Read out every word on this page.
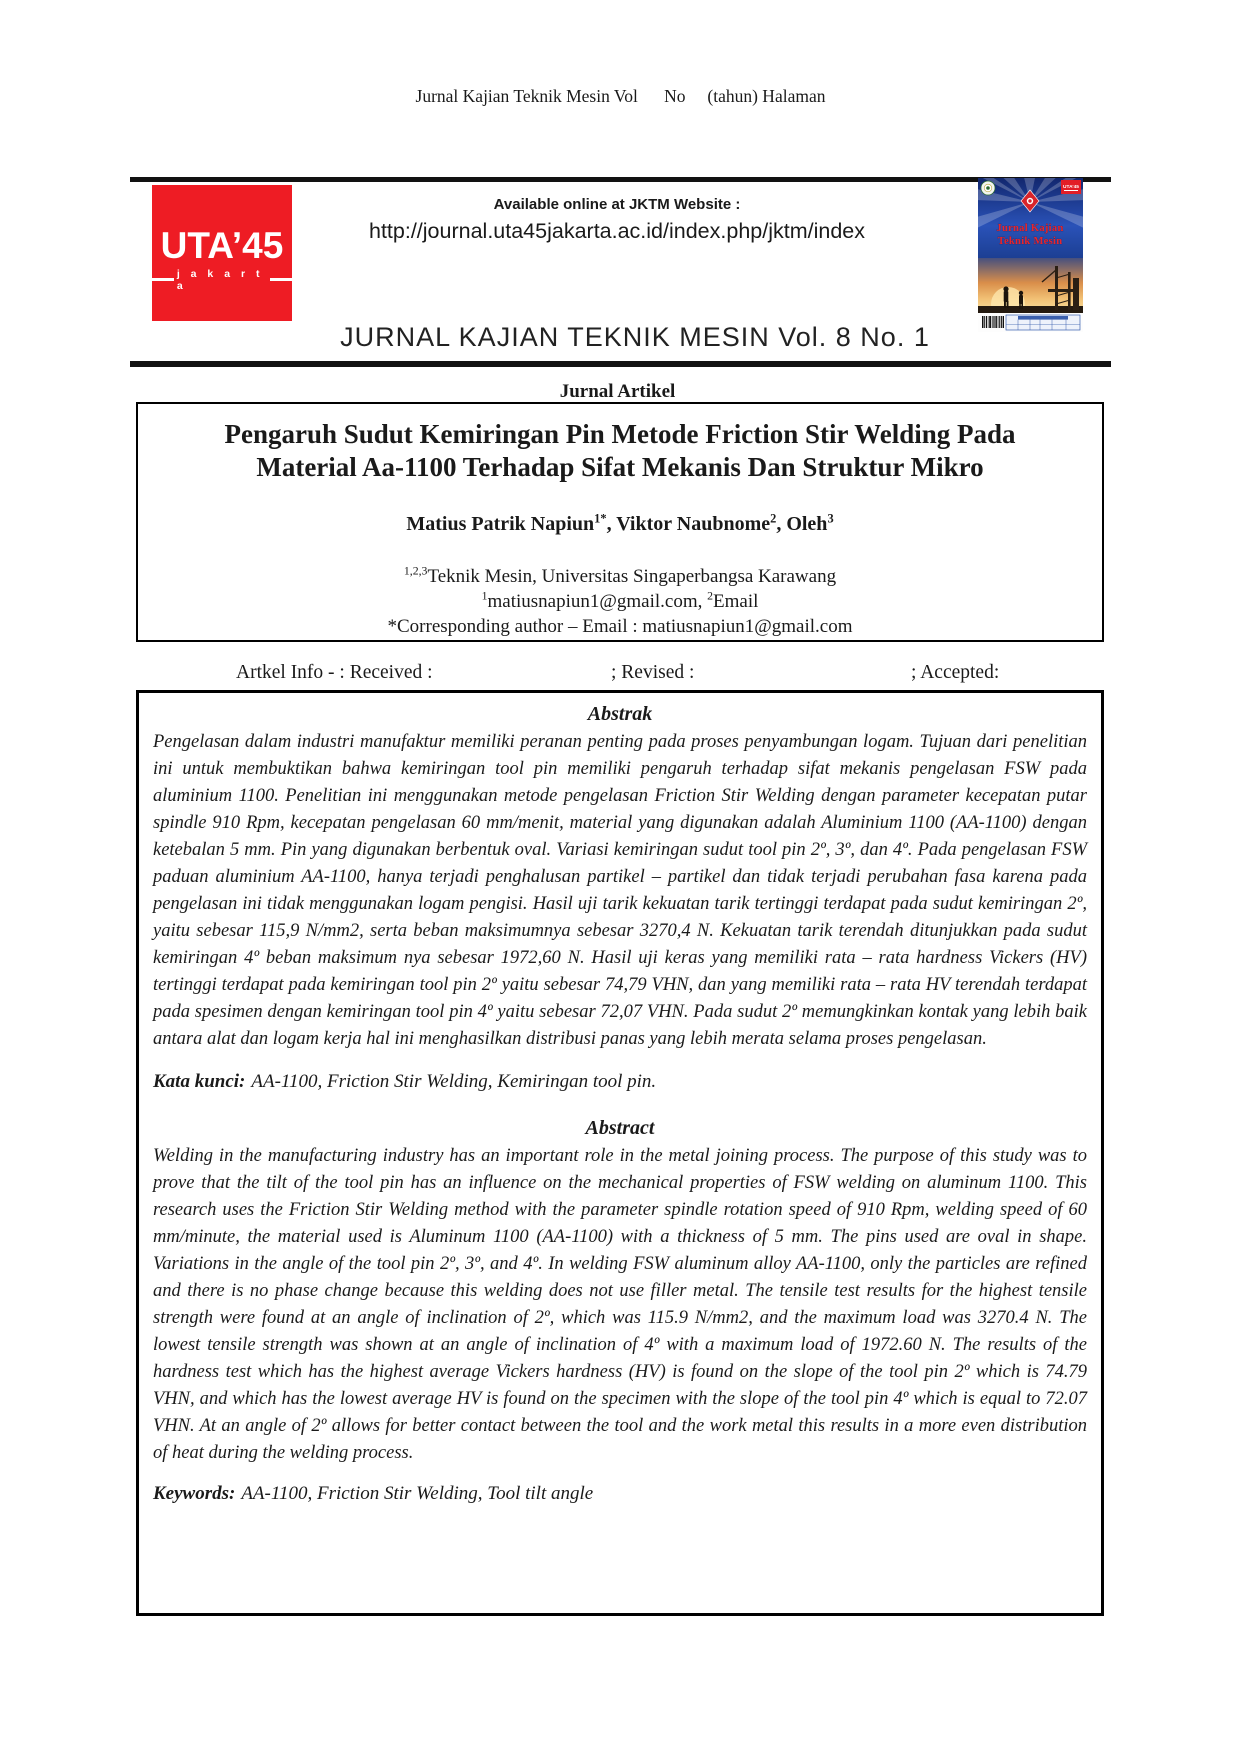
Jurnal Kajian Teknik Mesin Vol      No     (tahun) Halaman
UTA’45
j a k a r t a
Available online at JKTM Website :
http://journal.uta45jakarta.ac.id/index.php/jktm/index
UTA’45
Jurnal Kajian
Teknik Mesin
JURNAL KAJIAN TEKNIK MESIN Vol. 8 No. 1
Jurnal Artikel
Pengaruh Sudut Kemiringan Pin Metode Friction Stir Welding Pada
Material Aa-1100 Terhadap Sifat Mekanis Dan Struktur Mikro
Matius Patrik Napiun$^{1*}$, Viktor Naubnome$^2$, Oleh$^3$
$^{1,2,3}$Teknik Mesin, Universitas Singaperbangsa Karawang
$^1$matiusnapiun1@gmail.com, $^2$Email
*Corresponding author – Email : matiusnapiun1@gmail.com
Artkel Info - : Received :	; Revised :	; Accepted:
Abstrak

Pengelasan dalam industri manufaktur memiliki peranan penting pada proses penyambungan logam. Tujuan dari penelitian ini untuk membuktikan bahwa kemiringan tool pin memiliki pengaruh terhadap sifat mekanis pengelasan FSW pada aluminium 1100. Penelitian ini menggunakan metode pengelasan Friction Stir Welding dengan parameter kecepatan putar spindle 910 Rpm, kecepatan pengelasan 60 mm/menit, material yang digunakan adalah Aluminium 1100 (AA-1100) dengan ketebalan 5 mm. Pin yang digunakan berbentuk oval. Variasi kemiringan sudut tool pin 2º, 3º, dan 4º. Pada pengelasan FSW paduan aluminium AA-1100, hanya terjadi penghalusan partikel – partikel dan tidak terjadi perubahan fasa karena pada pengelasan ini tidak menggunakan logam pengisi. Hasil uji tarik kekuatan tarik tertinggi terdapat pada sudut kemiringan 2º, yaitu sebesar 115,9 N/mm2, serta beban maksimumnya sebesar 3270,4 N. Kekuatan tarik terendah ditunjukkan pada sudut kemiringan 4º beban maksimum nya sebesar 1972,60 N. Hasil uji keras yang memiliki rata – rata hardness Vickers (HV) tertinggi terdapat pada kemiringan tool pin 2º yaitu sebesar 74,79 VHN, dan yang memiliki rata – rata HV terendah terdapat pada spesimen dengan kemiringan tool pin 4º yaitu sebesar 72,07 VHN. Pada sudut 2º memungkinkan kontak yang lebih baik antara alat dan logam kerja hal ini menghasilkan distribusi panas yang lebih merata selama proses pengelasan.

Kata kunci: AA-1100, Friction Stir Welding, Kemiringan tool pin.

Abstract

Welding in the manufacturing industry has an important role in the metal joining process. The purpose of this study was to prove that the tilt of the tool pin has an influence on the mechanical properties of FSW welding on aluminum 1100. This research uses the Friction Stir Welding method with the parameter spindle rotation speed of 910 Rpm, welding speed of 60 mm/minute, the material used is Aluminum 1100 (AA-1100) with a thickness of 5 mm. The pins used are oval in shape. Variations in the angle of the tool pin 2º, 3º, and 4º. In welding FSW aluminum alloy AA-1100, only the particles are refined and there is no phase change because this welding does not use filler metal. The tensile test results for the highest tensile strength were found at an angle of inclination of 2º, which was 115.9 N/mm2, and the maximum load was 3270.4 N. The lowest tensile strength was shown at an angle of inclination of 4º with a maximum load of 1972.60 N. The results of the hardness test which has the highest average Vickers hardness (HV) is found on the slope of the tool pin 2º which is 74.79 VHN, and which has the lowest average HV is found on the specimen with the slope of the tool pin 4º which is equal to 72.07 VHN. At an angle of 2º allows for better contact between the tool and the work metal this results in a more even distribution of heat during the welding process.

Keywords: AA-1100, Friction Stir Welding, Tool tilt angle
